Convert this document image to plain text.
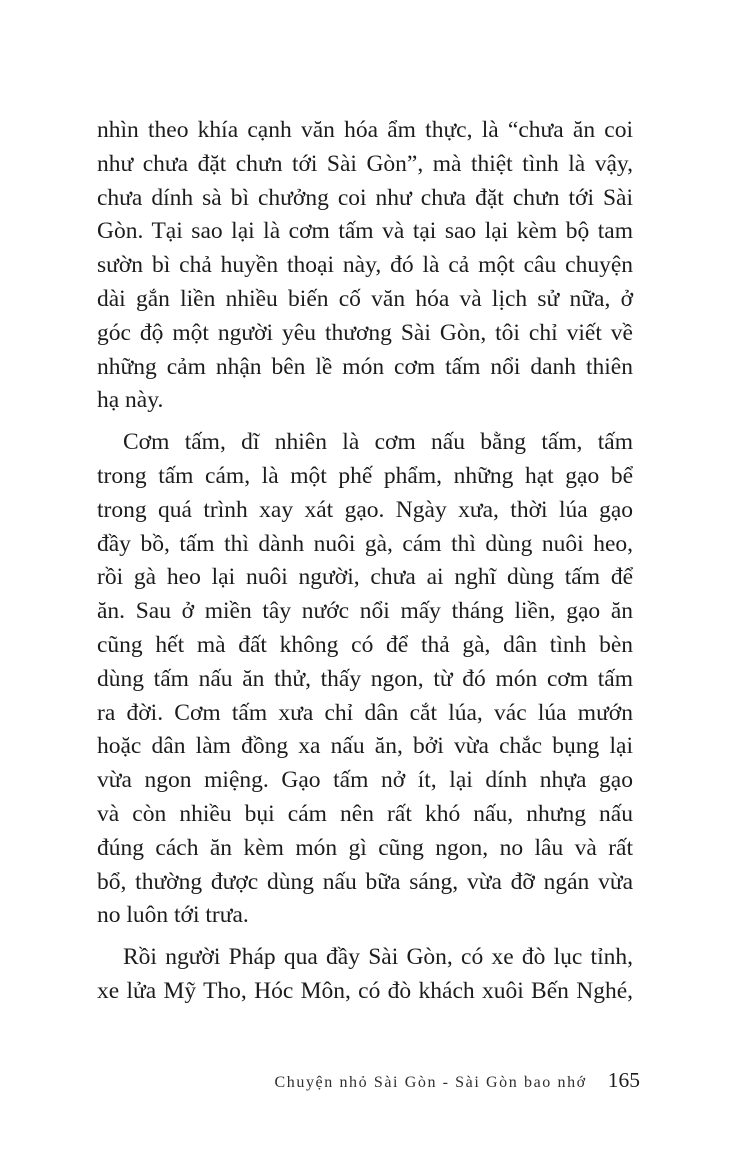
nhìn theo khía cạnh văn hóa ẩm thực, là “chưa ăn coi
như chưa đặt chưn tới Sài Gòn”, mà thiệt tình là vậy,
chưa dính sà bì chưởng coi như chưa đặt chưn tới Sài
Gòn. Tại sao lại là cơm tấm và tại sao lại kèm bộ tam
sườn bì chả huyền thoại này, đó là cả một câu chuyện
dài gắn liền nhiều biến cố văn hóa và lịch sử nữa, ở
góc độ một người yêu thương Sài Gòn, tôi chỉ viết về
những cảm nhận bên lề món cơm tấm nổi danh thiên
hạ này.

Cơm tấm, dĩ nhiên là cơm nấu bằng tấm, tấm
trong tấm cám, là một phế phẩm, những hạt gạo bể
trong quá trình xay xát gạo. Ngày xưa, thời lúa gạo
đầy bồ, tấm thì dành nuôi gà, cám thì dùng nuôi heo,
rồi gà heo lại nuôi người, chưa ai nghĩ dùng tấm để
ăn. Sau ở miền tây nước nổi mấy tháng liền, gạo ăn
cũng hết mà đất không có để thả gà, dân tình bèn
dùng tấm nấu ăn thử, thấy ngon, từ đó món cơm tấm
ra đời. Cơm tấm xưa chỉ dân cắt lúa, vác lúa mướn
hoặc dân làm đồng xa nấu ăn, bởi vừa chắc bụng lại
vừa ngon miệng. Gạo tấm nở ít, lại dính nhựa gạo
và còn nhiều bụi cám nên rất khó nấu, nhưng nấu
đúng cách ăn kèm món gì cũng ngon, no lâu và rất
bổ, thường được dùng nấu bữa sáng, vừa đỡ ngán vừa
no luôn tới trưa.

Rồi người Pháp qua đầy Sài Gòn, có xe đò lục tỉnh,
xe lửa Mỹ Tho, Hóc Môn, có đò khách xuôi Bến Nghé,

Chuyện nhỏ Sài Gòn - Sài Gòn bao nhớ 165
